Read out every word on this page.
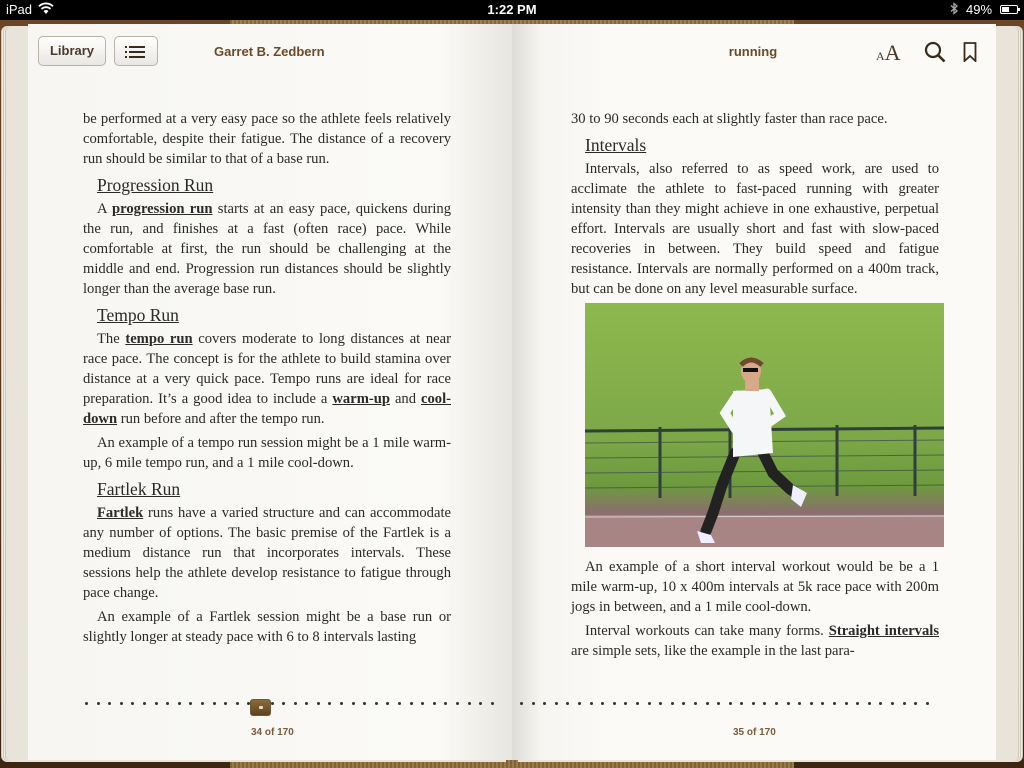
iPad	1:22 PM	49%
Library	Garret B. Zedbern	running	AA

be performed at a very easy pace so the athlete feels relatively comfortable, despite their fatigue. The distance of a recovery run should be similar to that of a base run.

Progression Run

A progression run starts at an easy pace, quickens during the run, and finishes at a fast (often race) pace. While comfortable at first, the run should be challenging at the middle and end. Progression run distances should be slightly longer than the average base run.

Tempo Run

The tempo run covers moderate to long distances at near race pace. The concept is for the athlete to build stamina over distance at a very quick pace. Tempo runs are ideal for race preparation. It’s a good idea to include a warm-up and cool-down run before and after the tempo run.

An example of a tempo run session might be a 1 mile warm-up, 6 mile tempo run, and a 1 mile cool-down.

Fartlek Run

Fartlek runs have a varied structure and can accommodate any number of options. The basic premise of the Fartlek is a medium distance run that incorporates intervals. These sessions help the athlete develop resistance to fatigue through pace change.

An example of a Fartlek session might be a base run or slightly longer at steady pace with 6 to 8 intervals lasting

30 to 90 seconds each at slightly faster than race pace.

Intervals

Intervals, also referred to as speed work, are used to acclimate the athlete to fast-paced running with greater intensity than they might achieve in one exhaustive, perpetual effort. Intervals are usually short and fast with slow-paced recoveries in between. They build speed and fatigue resistance. Intervals are normally performed on a 400m track, but can be done on any level measurable surface.

An example of a short interval workout would be be a 1 mile warm-up, 10 x 400m intervals at 5k race pace with 200m jogs in between, and a 1 mile cool-down.

Interval workouts can take many forms. Straight intervals are simple sets, like the example in the last para-

34 of 170	35 of 170
